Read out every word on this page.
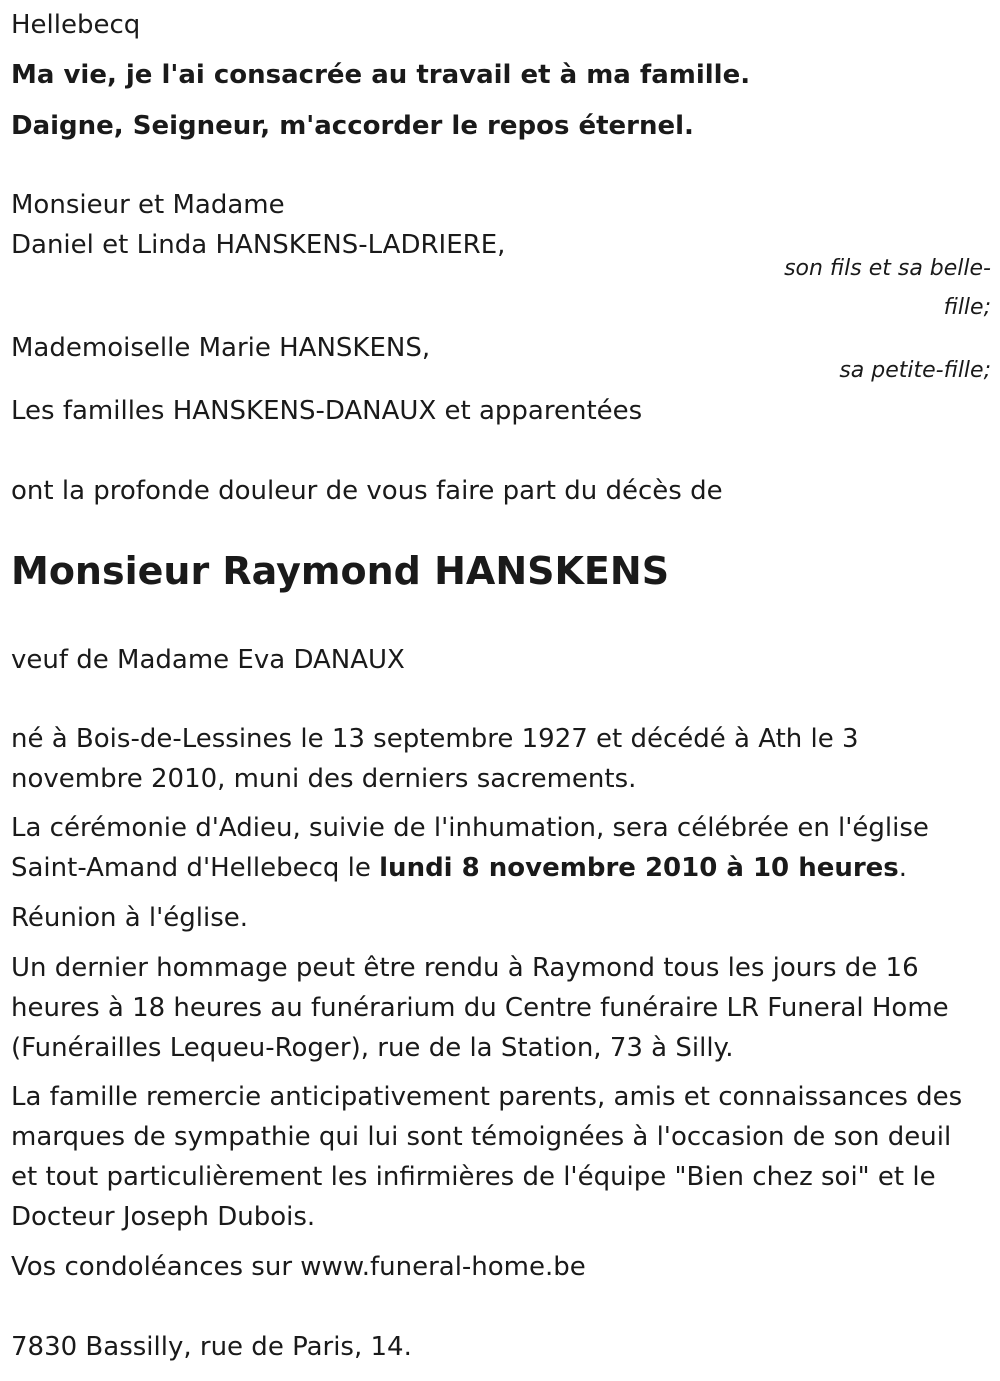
Hellebecq
Ma vie, je l'ai consacrée au travail et à ma famille.
Daigne, Seigneur, m'accorder le repos éternel.
Monsieur et Madame
Daniel et Linda HANSKENS-LADRIERE,
son fils et sa belle-
fille;
Mademoiselle Marie HANSKENS,
sa petite-fille;
Les familles HANSKENS-DANAUX et apparentées
ont la profonde douleur de vous faire part du décès de
Monsieur Raymond HANSKENS
veuf de Madame Eva DANAUX
né à Bois-de-Lessines le 13 septembre 1927 et décédé à Ath le 3
novembre 2010, muni des derniers sacrements.
La cérémonie d'Adieu, suivie de l'inhumation, sera célébrée en l'église
Saint-Amand d'Hellebecq le lundi 8 novembre 2010 à 10 heures.
Réunion à l'église.
Un dernier hommage peut être rendu à Raymond tous les jours de 16
heures à 18 heures au funérarium du Centre funéraire LR Funeral Home
(Funérailles Lequeu-Roger), rue de la Station, 73 à Silly.
La famille remercie anticipativement parents, amis et connaissances des
marques de sympathie qui lui sont témoignées à l'occasion de son deuil
et tout particulièrement les infirmières de l'équipe "Bien chez soi" et le
Docteur Joseph Dubois.
Vos condoléances sur www.funeral-home.be
7830 Bassilly, rue de Paris, 14.
